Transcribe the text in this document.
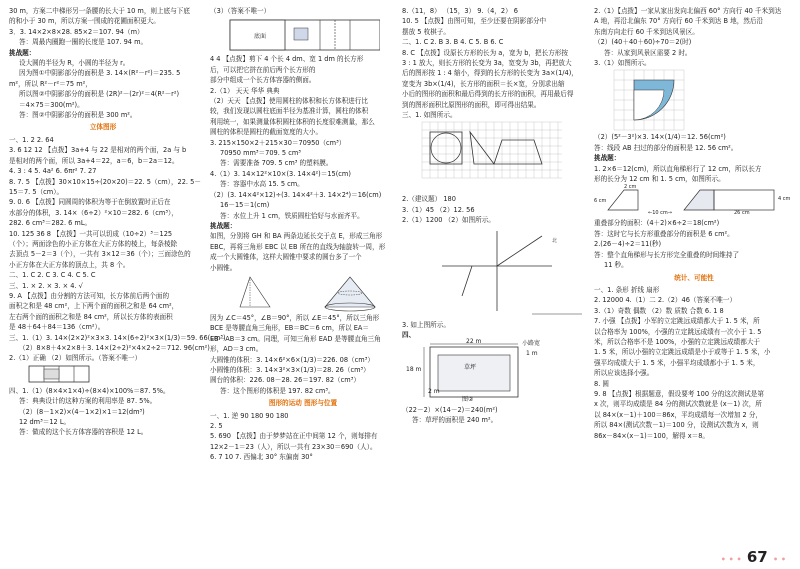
30 m，方案二中梯形另一条腰的长大于 10 m，则上底与下底

的和小于 30 m，所以方案一围成的花圃面积更大。

3．3. 14×2×8×28. 85×2＝107. 94（m）

答：周最内圈跑一圈的长度是 107. 94 m。

挑战题：

设大圆的半径为 R，小圆的半径为 r。

因为图①中阴影部分的面积是 3. 14×(R²－r²)＝235. 5

m²，所以 R²－r²＝75 m²，

所以图②中阴影部分的面积是 (2R)²－(2r)²＝4(R²－r²)

＝4×75＝300(m²)。

答：图②中阴影部分的面积是 300 m²。

立体图形

一、1. 2 2. 64

3. 6 12 12 【点拨】3a+4 与 22 是相对的两个面，2a 与 b

是相对的两个面，所以 3a+4＝22，a＝6，b＝2a＝12。

4. 3 : 4 5. 4a² 6. 6πr² 7. 27

8. 7. 5 【点拨】30×10×15÷(20×20)＝22. 5（cm），22. 5－

15＝7. 5（cm）。

9. 0. 6 【点拨】同圆周的体积为等于在倒放置时正后在

水部分的体积，3. 14×（6÷2）²×10＝282. 6（cm³），

282. 6 cm³＝282. 6 mL。

10. 125 36 8 【点拨】一共可以切成（10÷2）³＝125

（个）；两面涂色的小正方体在大正方体的棱上，每条棱除

去顶点 5－2＝3（个），一共有 3×12＝36（个）；三面涂色的

小正方体在大正方体的顶点上，共 8 个。

二、1. C 2. C 3. C 4. C 5. C

三、1. × 2. × 3. × 4. √

9. A 【点拨】由分割的方法可知，长方体前后两个面的

面积之和是 48 cm²，上下两个面的面积之和是 64 cm²，

左右两个面的面积之和是 84 cm²，所以长方体的表面积

是 48＋64＋84＝136（cm²）。

三、1.（1）3. 14×(2×2)²×3×3. 14×(6÷2)²×3×(1/3)＝59. 66(cm³)

（2）8×8＋4×2×8＋3. 14×(2÷2)²×4×2÷2＝712. 96(cm²)

2.（1）正确 （2）如图所示。（答案不唯一）

四、1.（1）(8×4×1×4)÷(8×4)×100%＝87. 5%。

答：典典设计的这种方案的利用率是 87. 5%。

（2）(8－1×2)×(4－1×2)×1＝12(dm³)

12 dm³＝12 L。

答：做成的这个长方体容器的容积是 12 L。

（3）（答案不唯一）

底面

4 4 【点拨】剪下 4 个长 4 dm、宽 1 dm 的长方形

后，可以把它拼在前后两个长方形的

部分中组成一个长方体容器的侧面。

2.（1） 天天 华华 典典

（2）天天 【点拨】使用圆柱的体积和长方体积进行比

较，我们发现以圆柱底面半径为基准计算，圆柱的体积

利用统一，如果测量体积圆柱体积的长度很难测量，那么

圆柱的体积是圆柱的截面宽度的大小。

3. 215×150×2＋215×30＝70950（cm³）

70950 mm³＝709. 5 cm³

答：需要准备 709. 5 cm³ 的塑料膜。

4.（1）3. 14×12²×10×(3. 14×4²)＝15(cm)

答：容器中水高 15. 5 cm。

（2）(3. 14×4²×12)÷(3. 14×4²＋3. 14×2⁴)＝16(cm)

16－15＝1(cm)

答：水位上升 1 cm，铁质圆柱恰好与水面齐平。

挑战题：

如图，分别将 GH 和 BA 两条边延长交于点 E，形成三角形

EBC，再将三角形 EBC 以 EB 所在的直线为轴旋转一周，形

成一个大圆锥体，这样大圆锥中要求的圆台多了一个

小圆锥。

因为 ∠C＝45°，∠B＝90°，所以 ∠E＝45°，所以三角形

BCE 是等腰直角三角形，EB＝BC＝6 cm，所以 EA＝

EB－AB＝3 cm。同理，可知三角形 EAD 是等腰直角三角

形，AD＝3 cm。

大圆锥的体积：3. 14×6²×6×(1/3)＝226. 08（cm³）

小圆锥的体积：3. 14×3²×3×(1/3)＝28. 26（cm³）

圆台的体积：226. 08－28. 26＝197. 82（cm³）

答：这个图形的体积是 197. 82 cm³。

图形的运动 图形与位置

一、1. 逆 90 180 90 180

2. 5

5. 690 【点拨】由于梦梦站在正中间第 12 个，则每排有

12×2－1＝23（人），所以一共有 23×30＝690（人）。

6. 7 10 7. 西偏北 30° 东偏南 30°

8.（11，8） （15，3） 9.（4，2） 6

10. 5 【点拨】由图可知，至少还要在阴影部分中

摆放 5 枚棋子。

二、1. C 2. B 3. B 4. C 5. B 6. C

8. C 【点拨】设原长方形的长为 a，宽为 b，把长方形按

3 : 1 放大，则长方形的长变为 3a，宽变为 3b，再把放大

后的图形按 1 : 4 缩小，得到的长方形的长变为 3a×(1/4)，

宽变为 3b×(1/4)，长方形的面积＝长×宽，分别求出缩

小后的图形的面积和最后得到的长方形的面积，再用最后得

到的图形面积比原图形的面积，即可得出结果。

三、1. 如图所示。

2.（建议题） 180

3.（1）45 （2）12. 56

2.（1）1200 （2）如图所示。

北

3. 如上图所示。

四、

22 m
18 m
2 m
草坪
小路宽
1 m
图②

（22－2）×(14－2)＝240(m²)

答：草坪的面积是 240 m²。

2.（1）【点拨】一家从家出发向北偏西 60° 方向行 40 千米到达

A 地，再沿北偏东 70° 方向行 60 千米到达 B 地，然后沿

东南方向走行 60 千米到达风景区。

（2）(40＋40＋60)÷70＝2(时)

答：从家到风景区需要 2 时。

3.（1）如图所示。

（2）(5²－3²)×3. 14×(1/4)＝12. 56(cm²)

答：线段 AB 扫过的部分的面积是 12. 56 cm²。

挑战题：

1. 2×6＝12(cm)，所以直角梯形行了 12 cm，所以长方

形的长分为 12 cm 和 1. 5 cm，如图所示。

2 cm
6 cm
←10 cm→	26 cm
4 cm

重叠部分的面积：(4＋2)×6÷2＝18(cm²)

答：这时它与长方形重叠部分的面积是 6 cm²。

2.(26－4)÷2＝11(秒)

答：整个直角梯形与长方形完全重叠的时间维持了

11 秒。

统计、可能性

一、1. 条形 折线 扇形

2. 12000 4.（1）二 2.（2）46（答案不唯一）

3.（1）奇数 偶数 （2）数 质数 合数 6. 1 8

7. 小强 【点拨】小军的立定跳远成绩都大于 1. 5 米，所

以合格率为 100%，小强的立定跳远成绩有一次小于 1. 5

米，所以合格率不是 100%，小强的立定跳远成绩都大于

1. 5 米，所以小强的立定跳远成绩是小于或等于 1. 5 米，小

强平均成绩大于 1. 5 米，小强平均成绩都小于 1. 5 米，

所以应该选择小强。

8. 圆

9. 8 【点拨】根据题意，假设要考 100 分的这次测试是第

x 次，则平均成绩是 84 分的测试次数就是 (x－1) 次，所

以 84×(x－1)＋100＝86x，平均成绩每一次增加 2 分，

所以 84×(测试次数－1)＝100 分，设测试次数为 x，则

86x－84×(x－1)＝100，解得 x＝8。

• • • 67 • •
